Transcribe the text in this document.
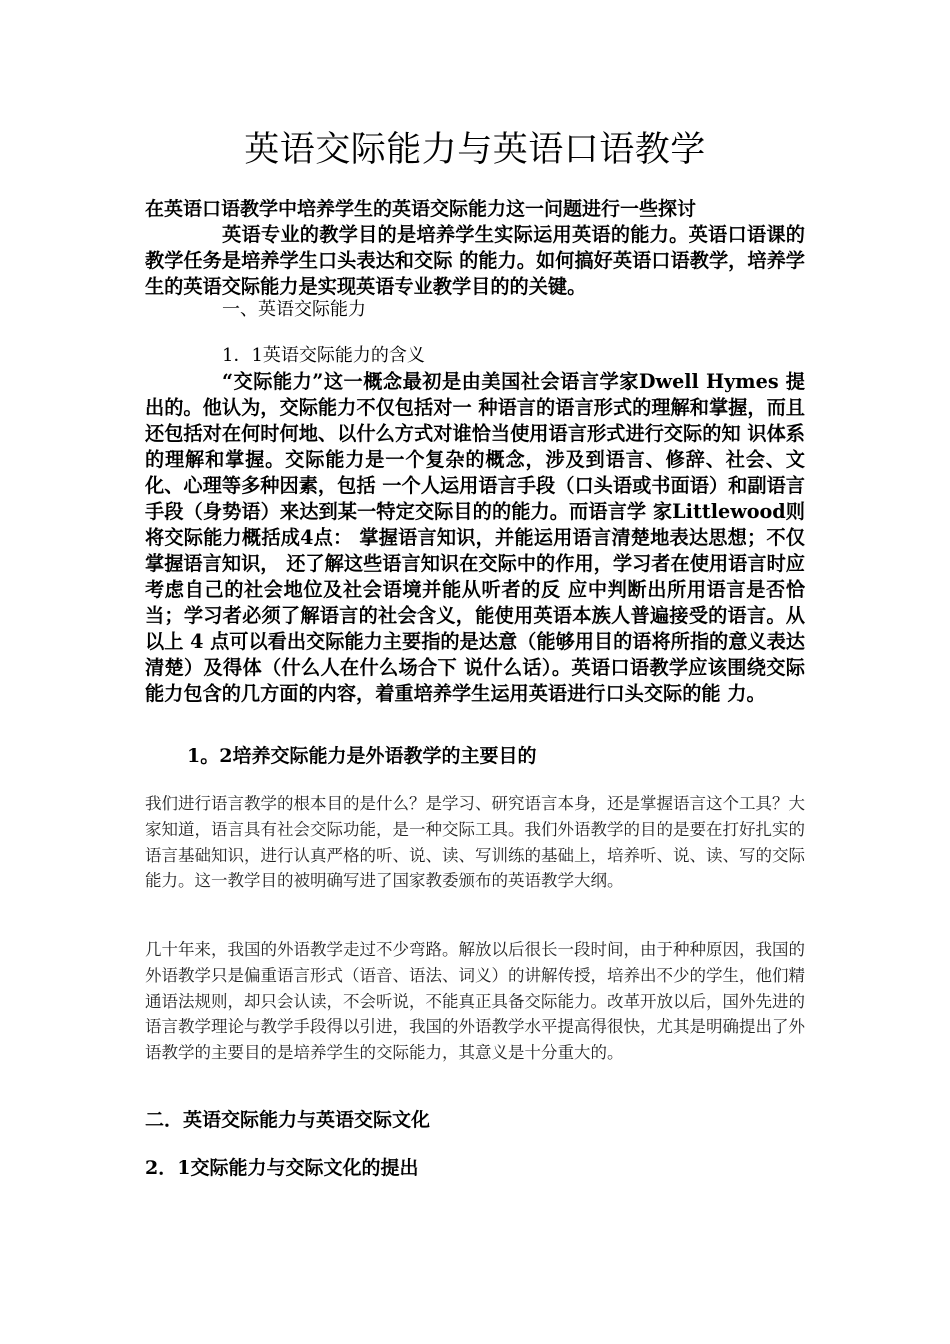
英语交际能力与英语口语教学

在英语口语教学中培养学生的英语交际能力这一问题进行一些探讨

英语专业的教学目的是培养学生实际运用英语的能力。英语口语课的教学任务是培养学生口头表达和交际 的能力。如何搞好英语口语教学，培养学生的英语交际能力是实现英语专业教学目的的关键。

一、英语交际能力

1．1英语交际能力的含义

“交际能力”这一概念最初是由美国社会语言学家Dwell Hymes 提出的。他认为，交际能力不仅包括对一 种语言的语言形式的理解和掌握，而且还包括对在何时何地、以什么方式对谁恰当使用语言形式进行交际的知 识体系的理解和掌握。交际能力是一个复杂的概念，涉及到语言、修辞、社会、文化、心理等多种因素，包括 一个人运用语言手段（口头语或书面语）和副语言手段（身势语）来达到某一特定交际目的的能力。而语言学 家Littlewood则将交际能力概括成4点： 掌握语言知识，并能运用语言清楚地表达思想；不仅掌握语言知识， 还了解这些语言知识在交际中的作用，学习者在使用语言时应考虑自己的社会地位及社会语境并能从听者的反 应中判断出所用语言是否恰当；学习者必须了解语言的社会含义，能使用英语本族人普遍接受的语言。从以上 4 点可以看出交际能力主要指的是达意（能够用目的语将所指的意义表达清楚）及得体（什么人在什么场合下 说什么话）。英语口语教学应该围绕交际能力包含的几方面的内容，着重培养学生运用英语进行口头交际的能 力。

1。2培养交际能力是外语教学的主要目的

我们进行语言教学的根本目的是什么？是学习、研究语言本身，还是掌握语言这个工具？大家知道，语言具有社会交际功能，是一种交际工具。我们外语教学的目的是要在打好扎实的语言基础知识，进行认真严格的听、说、读、写训练的基础上，培养听、说、读、写的交际能力。这一教学目的被明确写进了国家教委颁布的英语教学大纲。

几十年来，我国的外语教学走过不少弯路。解放以后很长一段时间，由于种种原因，我国的外语教学只是偏重语言形式（语音、语法、词义）的讲解传授，培养出不少的学生，他们精通语法规则，却只会认读，不会听说，不能真正具备交际能力。改革开放以后，国外先进的语言教学理论与教学手段得以引进，我国的外语教学水平提高得很快，尤其是明确提出了外语教学的主要目的是培养学生的交际能力，其意义是十分重大的。

二．英语交际能力与英语交际文化

2．1交际能力与交际文化的提出
